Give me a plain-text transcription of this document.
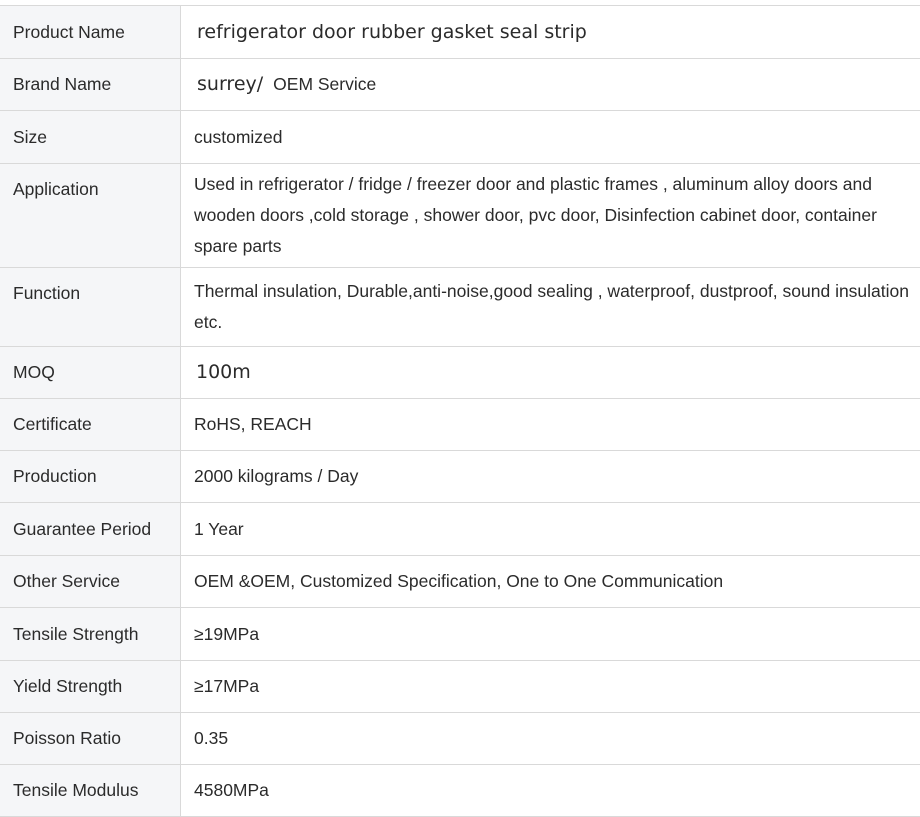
Product Name	refrigerator door rubber gasket seal strip
Brand Name	surrey/ OEM Service
Size	customized
Application	Used in refrigerator / fridge / freezer door and plastic frames , aluminum alloy doors and wooden doors ,cold storage , shower door, pvc door, Disinfection cabinet door, container spare parts
Function	Thermal insulation, Durable,anti-noise,good sealing , waterproof, dustproof, sound insulation etc.
MOQ	100m
Certificate	RoHS, REACH
Production	2000 kilograms / Day
Guarantee Period	1 Year
Other Service	OEM &OEM, Customized Specification, One to One Communication
Tensile Strength	≥19MPa
Yield Strength	≥17MPa
Poisson Ratio	0.35
Tensile Modulus	4580MPa
